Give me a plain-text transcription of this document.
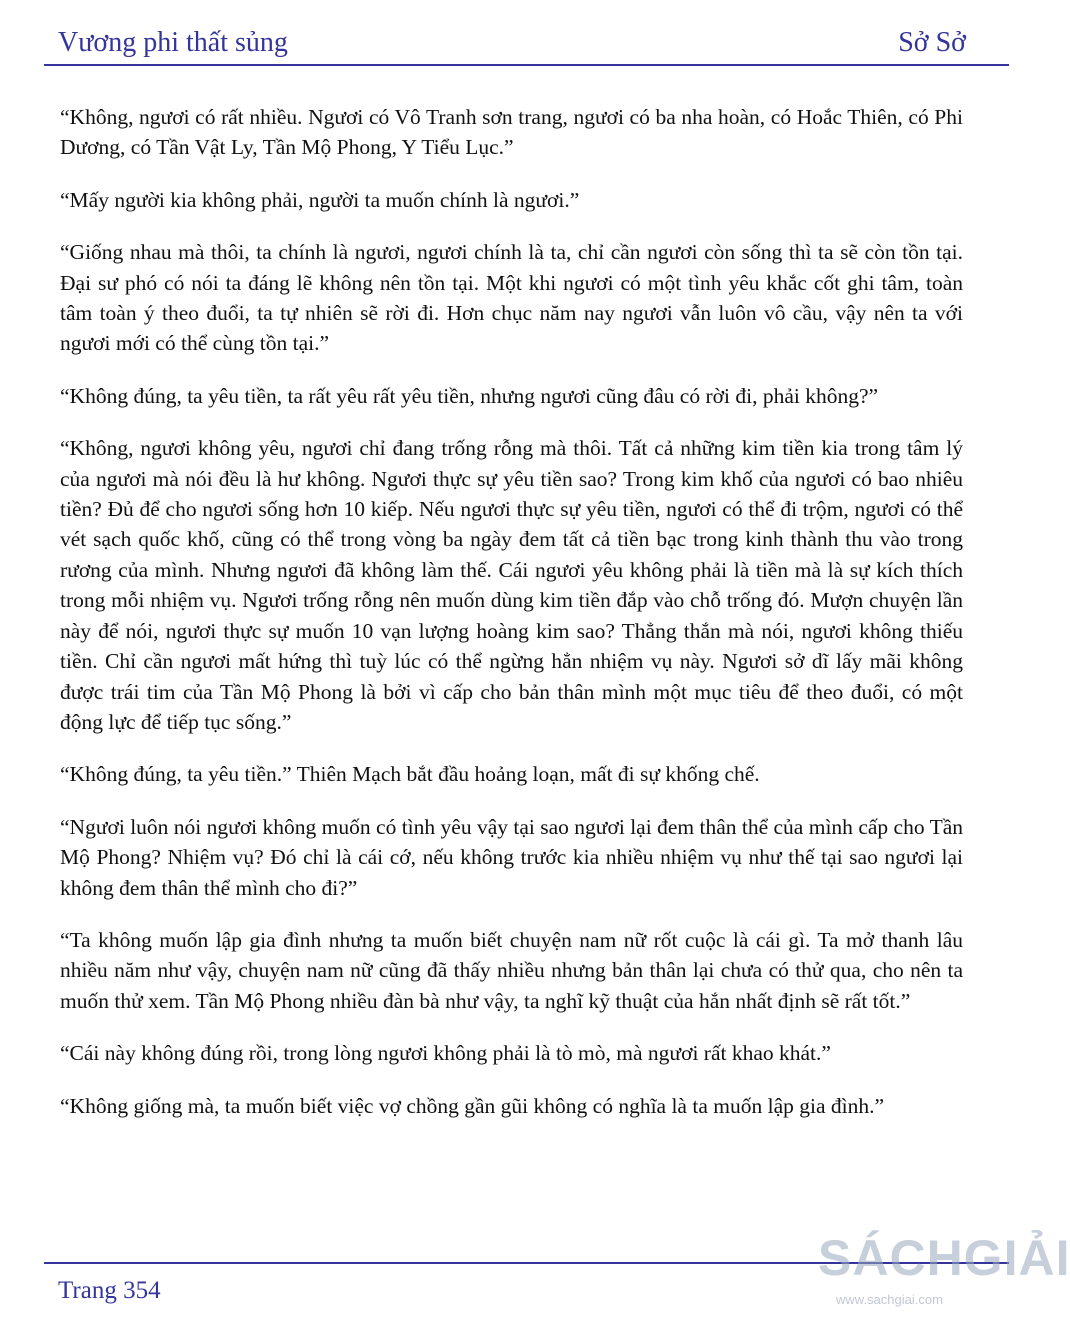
Vương phi thất sủng	Sở Sở

“Không, ngươi có rất nhiều. Ngươi có Vô Tranh sơn trang, ngươi có ba nha hoàn, có Hoắc Thiên, có Phi Dương, có Tần Vật Ly, Tần Mộ Phong, Y Tiểu Lục.”

“Mấy người kia không phải, người ta muốn chính là ngươi.”

“Giống nhau mà thôi, ta chính là ngươi, ngươi chính là ta, chỉ cần ngươi còn sống thì ta sẽ còn tồn tại. Đại sư phó có nói ta đáng lẽ không nên tồn tại. Một khi ngươi có một tình yêu khắc cốt ghi tâm, toàn tâm toàn ý theo đuổi, ta tự nhiên sẽ rời đi. Hơn chục năm nay ngươi vẫn luôn vô cầu, vậy nên ta với ngươi mới có thể cùng tồn tại.”

“Không đúng, ta yêu tiền, ta rất yêu rất yêu tiền, nhưng ngươi cũng đâu có rời đi, phải không?”

“Không, ngươi không yêu, ngươi chỉ đang trống rỗng mà thôi. Tất cả những kim tiền kia trong tâm lý của ngươi mà nói đều là hư không. Ngươi thực sự yêu tiền sao? Trong kim khố của ngươi có bao nhiêu tiền? Đủ để cho ngươi sống hơn 10 kiếp. Nếu ngươi thực sự yêu tiền, ngươi có thể đi trộm, ngươi có thể vét sạch quốc khố, cũng có thể trong vòng ba ngày đem tất cả tiền bạc trong kinh thành thu vào trong rương của mình. Nhưng ngươi đã không làm thế. Cái ngươi yêu không phải là tiền mà là sự kích thích trong mỗi nhiệm vụ. Ngươi trống rỗng nên muốn dùng kim tiền đắp vào chỗ trống đó. Mượn chuyện lần này để nói, ngươi thực sự muốn 10 vạn lượng hoàng kim sao? Thẳng thắn mà nói, ngươi không thiếu tiền. Chỉ cần ngươi mất hứng thì tuỳ lúc có thể ngừng hẳn nhiệm vụ này. Ngươi sở dĩ lấy mãi không được trái tim của Tần Mộ Phong là bởi vì cấp cho bản thân mình một mục tiêu để theo đuổi, có một động lực để tiếp tục sống.”

“Không đúng, ta yêu tiền.” Thiên Mạch bắt đầu hoảng loạn, mất đi sự khống chế.

“Ngươi luôn nói ngươi không muốn có tình yêu vậy tại sao ngươi lại đem thân thể của mình cấp cho Tần Mộ Phong? Nhiệm vụ? Đó chỉ là cái cớ, nếu không trước kia nhiều nhiệm vụ như thế tại sao ngươi lại không đem thân thể mình cho đi?”

“Ta không muốn lập gia đình nhưng ta muốn biết chuyện nam nữ rốt cuộc là cái gì. Ta mở thanh lâu nhiều năm như vậy, chuyện nam nữ cũng đã thấy nhiều nhưng bản thân lại chưa có thử qua, cho nên ta muốn thử xem. Tần Mộ Phong nhiều đàn bà như vậy, ta nghĩ kỹ thuật của hắn nhất định sẽ rất tốt.”

“Cái này không đúng rồi, trong lòng ngươi không phải là tò mò, mà ngươi rất khao khát.”

“Không giống mà, ta muốn biết việc vợ chồng gần gũi không có nghĩa là ta muốn lập gia đình.”

Trang 354
SÁCHGIẢI
www.sachgiai.com
